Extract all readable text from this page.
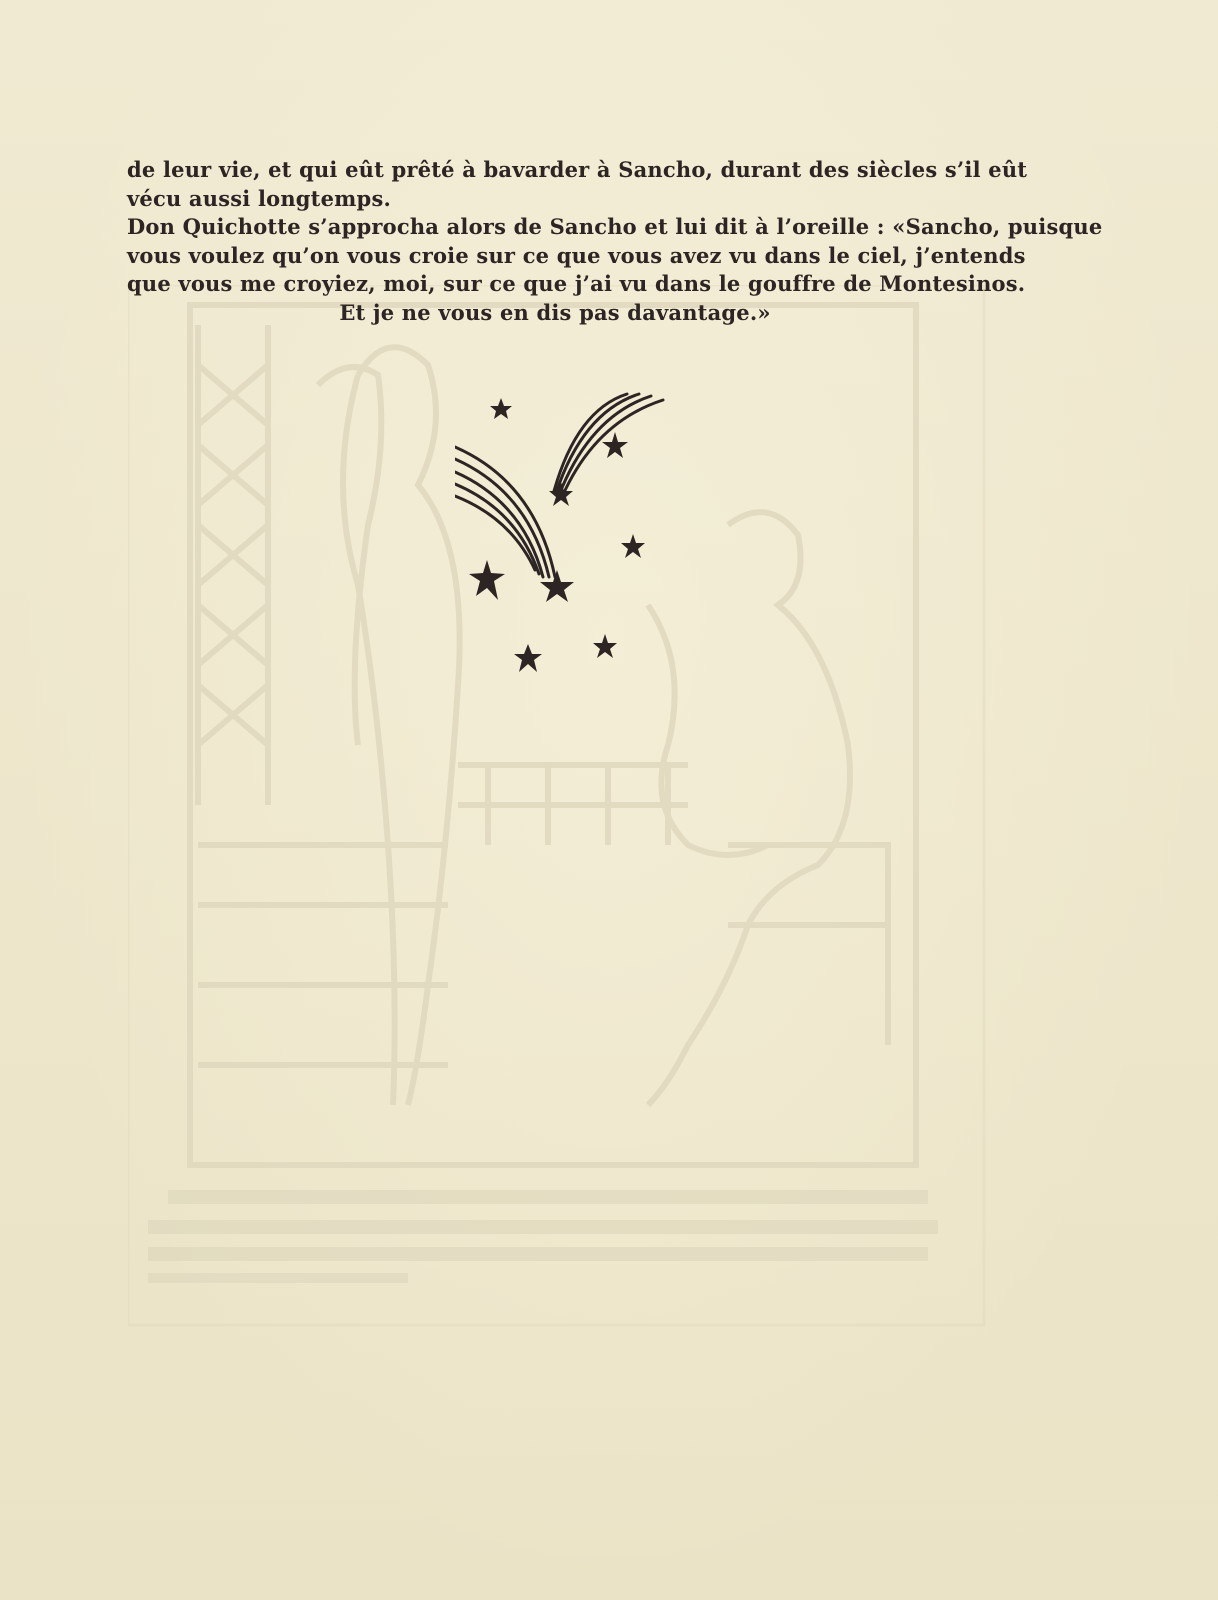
de leur vie, et qui eût prêté à bavarder à Sancho, durant des siècles s’il eût
vécu aussi longtemps.
Don Quichotte s’approcha alors de Sancho et lui dit à l’oreille : «Sancho, puisque
vous voulez qu’on vous croie sur ce que vous avez vu dans le ciel, j’entends
que vous me croyiez, moi, sur ce que j’ai vu dans le gouffre de Montesinos.
Et je ne vous en dis pas davantage.»
